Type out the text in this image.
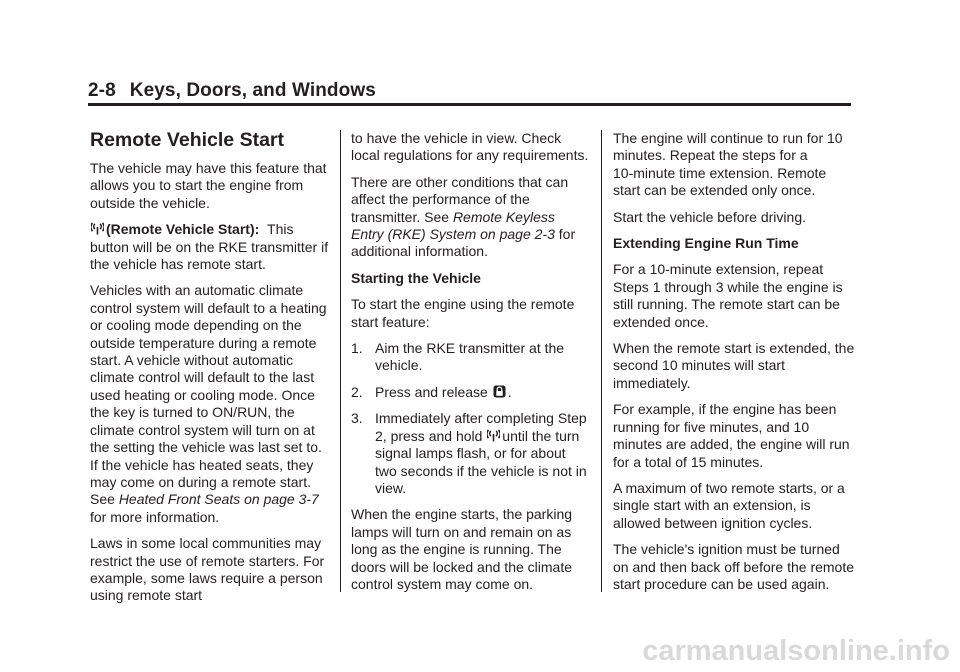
2-8 Keys, Doors, and Windows
Remote Vehicle Start

The vehicle may have this feature that allows you to start the engine from outside the vehicle.

(Remote Vehicle Start): This button will be on the RKE transmitter if the vehicle has remote start.

Vehicles with an automatic climate control system will default to a heating or cooling mode depending on the outside temperature during a remote start. A vehicle without automatic climate control will default to the last used heating or cooling mode. Once the key is turned to ON/RUN, the climate control system will turn on at the setting the vehicle was last set to. If the vehicle has heated seats, they may come on during a remote start. See Heated Front Seats on page 3‑7 for more information.

Laws in some local communities may restrict the use of remote starters. For example, some laws require a person using remote start

to have the vehicle in view. Check local regulations for any requirements.

There are other conditions that can affect the performance of the transmitter. See Remote Keyless Entry (RKE) System on page 2‑3 for additional information.

Starting the Vehicle

To start the engine using the remote start feature:

1. Aim the RKE transmitter at the vehicle.
2. Press and release .
3. Immediately after completing Step 2, press and hold until the turn signal lamps flash, or for about two seconds if the vehicle is not in view.

When the engine starts, the parking lamps will turn on and remain on as long as the engine is running. The doors will be locked and the climate control system may come on.

The engine will continue to run for 10 minutes. Repeat the steps for a 10‑minute time extension. Remote start can be extended only once.

Start the vehicle before driving.

Extending Engine Run Time

For a 10‑minute extension, repeat Steps 1 through 3 while the engine is still running. The remote start can be extended once.

When the remote start is extended, the second 10 minutes will start immediately.

For example, if the engine has been running for five minutes, and 10 minutes are added, the engine will run for a total of 15 minutes.

A maximum of two remote starts, or a single start with an extension, is allowed between ignition cycles.

The vehicle's ignition must be turned on and then back off before the remote start procedure can be used again.

carmanualsonline.info
